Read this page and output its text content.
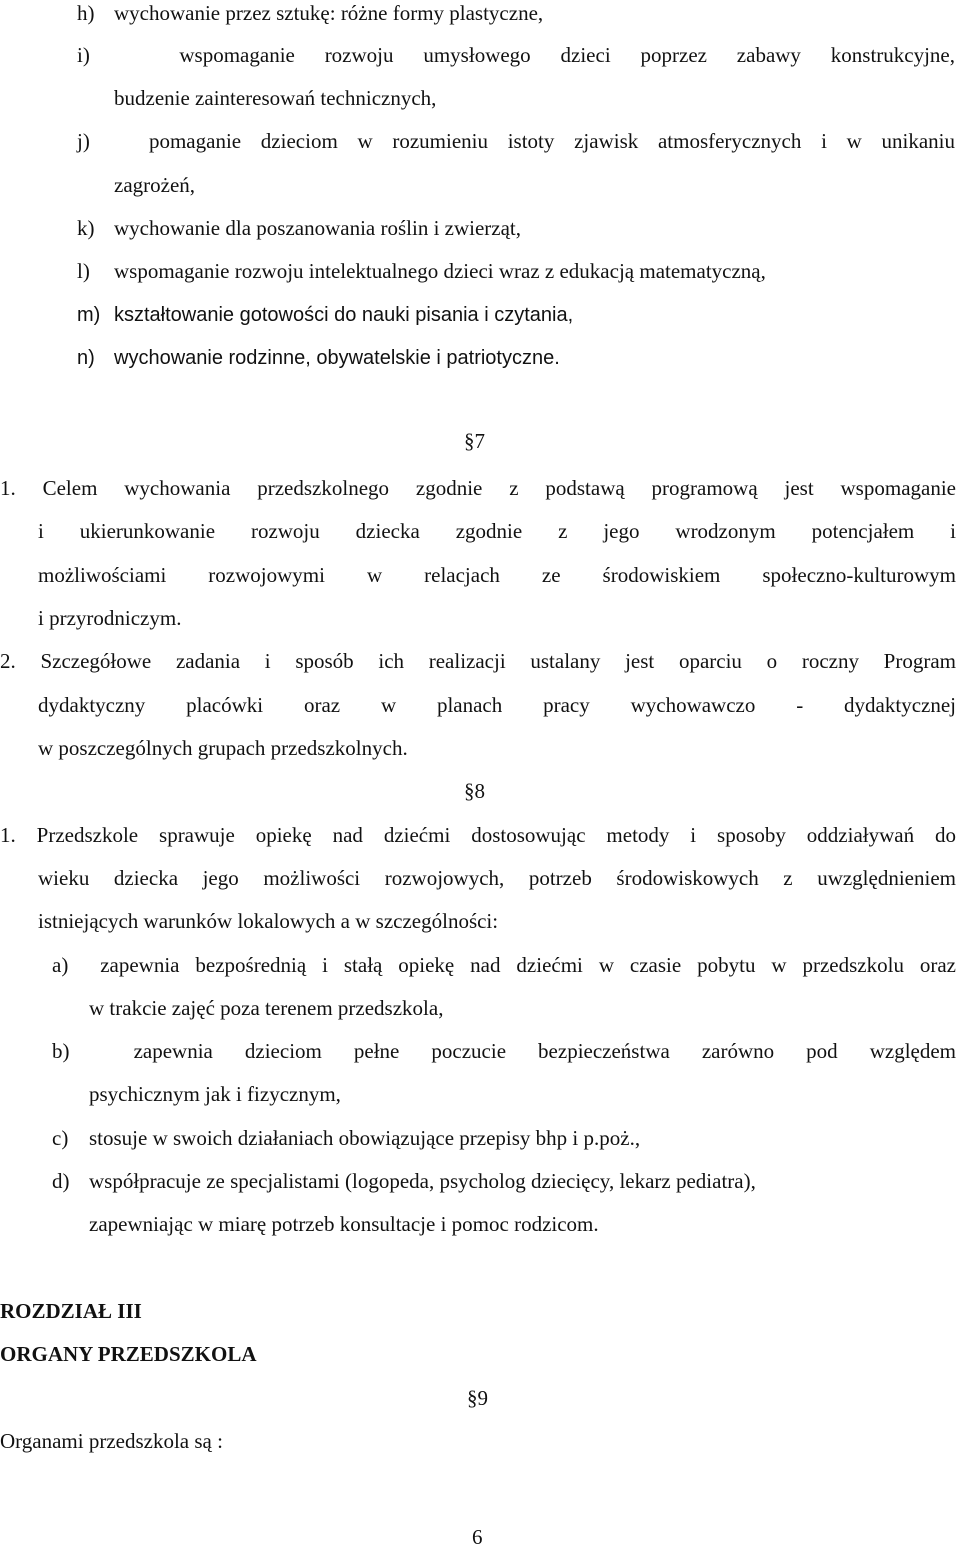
h) wychowanie przez sztukę: różne formy plastyczne,
i)	wspomaganie rozwoju umysłowego dzieci poprzez zabawy konstrukcyjne,
budzenie zainteresowań technicznych,
j)	pomaganie dzieciom w rozumieniu istoty zjawisk atmosferycznych i w unikaniu
zagrożeń,
k) wychowanie dla poszanowania roślin i zwierząt,
l) wspomaganie rozwoju intelektualnego dzieci wraz z edukacją matematyczną,
m) kształtowanie gotowości do nauki pisania i czytania,
n) wychowanie rodzinne, obywatelskie i patriotyczne.
§7
1. Celem wychowania przedszkolnego zgodnie z podstawą programową jest wspomaganie
i ukierunkowanie rozwoju dziecka zgodnie z jego wrodzonym potencjałem i
możliwościami rozwojowymi w relacjach ze środowiskiem społeczno-kulturowym
i przyrodniczym.
2. Szczegółowe zadania i sposób ich realizacji ustalany jest oparciu o roczny Program
dydaktyczny placówki oraz w planach pracy wychowawczo - dydaktycznej
w poszczególnych grupach przedszkolnych.
§8
1. Przedszkole sprawuje opiekę nad dziećmi dostosowując metody i sposoby oddziaływań do
wieku dziecka jego możliwości rozwojowych, potrzeb środowiskowych z uwzględnieniem
istniejących warunków lokalowych a w szczególności:
a) zapewnia bezpośrednią i stałą opiekę nad dziećmi w czasie pobytu w przedszkolu oraz
w trakcie zajęć poza terenem przedszkola,
b)	zapewnia dzieciom pełne poczucie bezpieczeństwa zarówno pod względem
psychicznym jak i fizycznym,
c) stosuje w swoich działaniach obowiązujące przepisy bhp i p.poż.,
d) współpracuje ze specjalistami (logopeda, psycholog dziecięcy, lekarz pediatra),
zapewniając w miarę potrzeb konsultacje i pomoc rodzicom.
ROZDZIAŁ III
ORGANY PRZEDSZKOLA
§9
Organami przedszkola są :
6
